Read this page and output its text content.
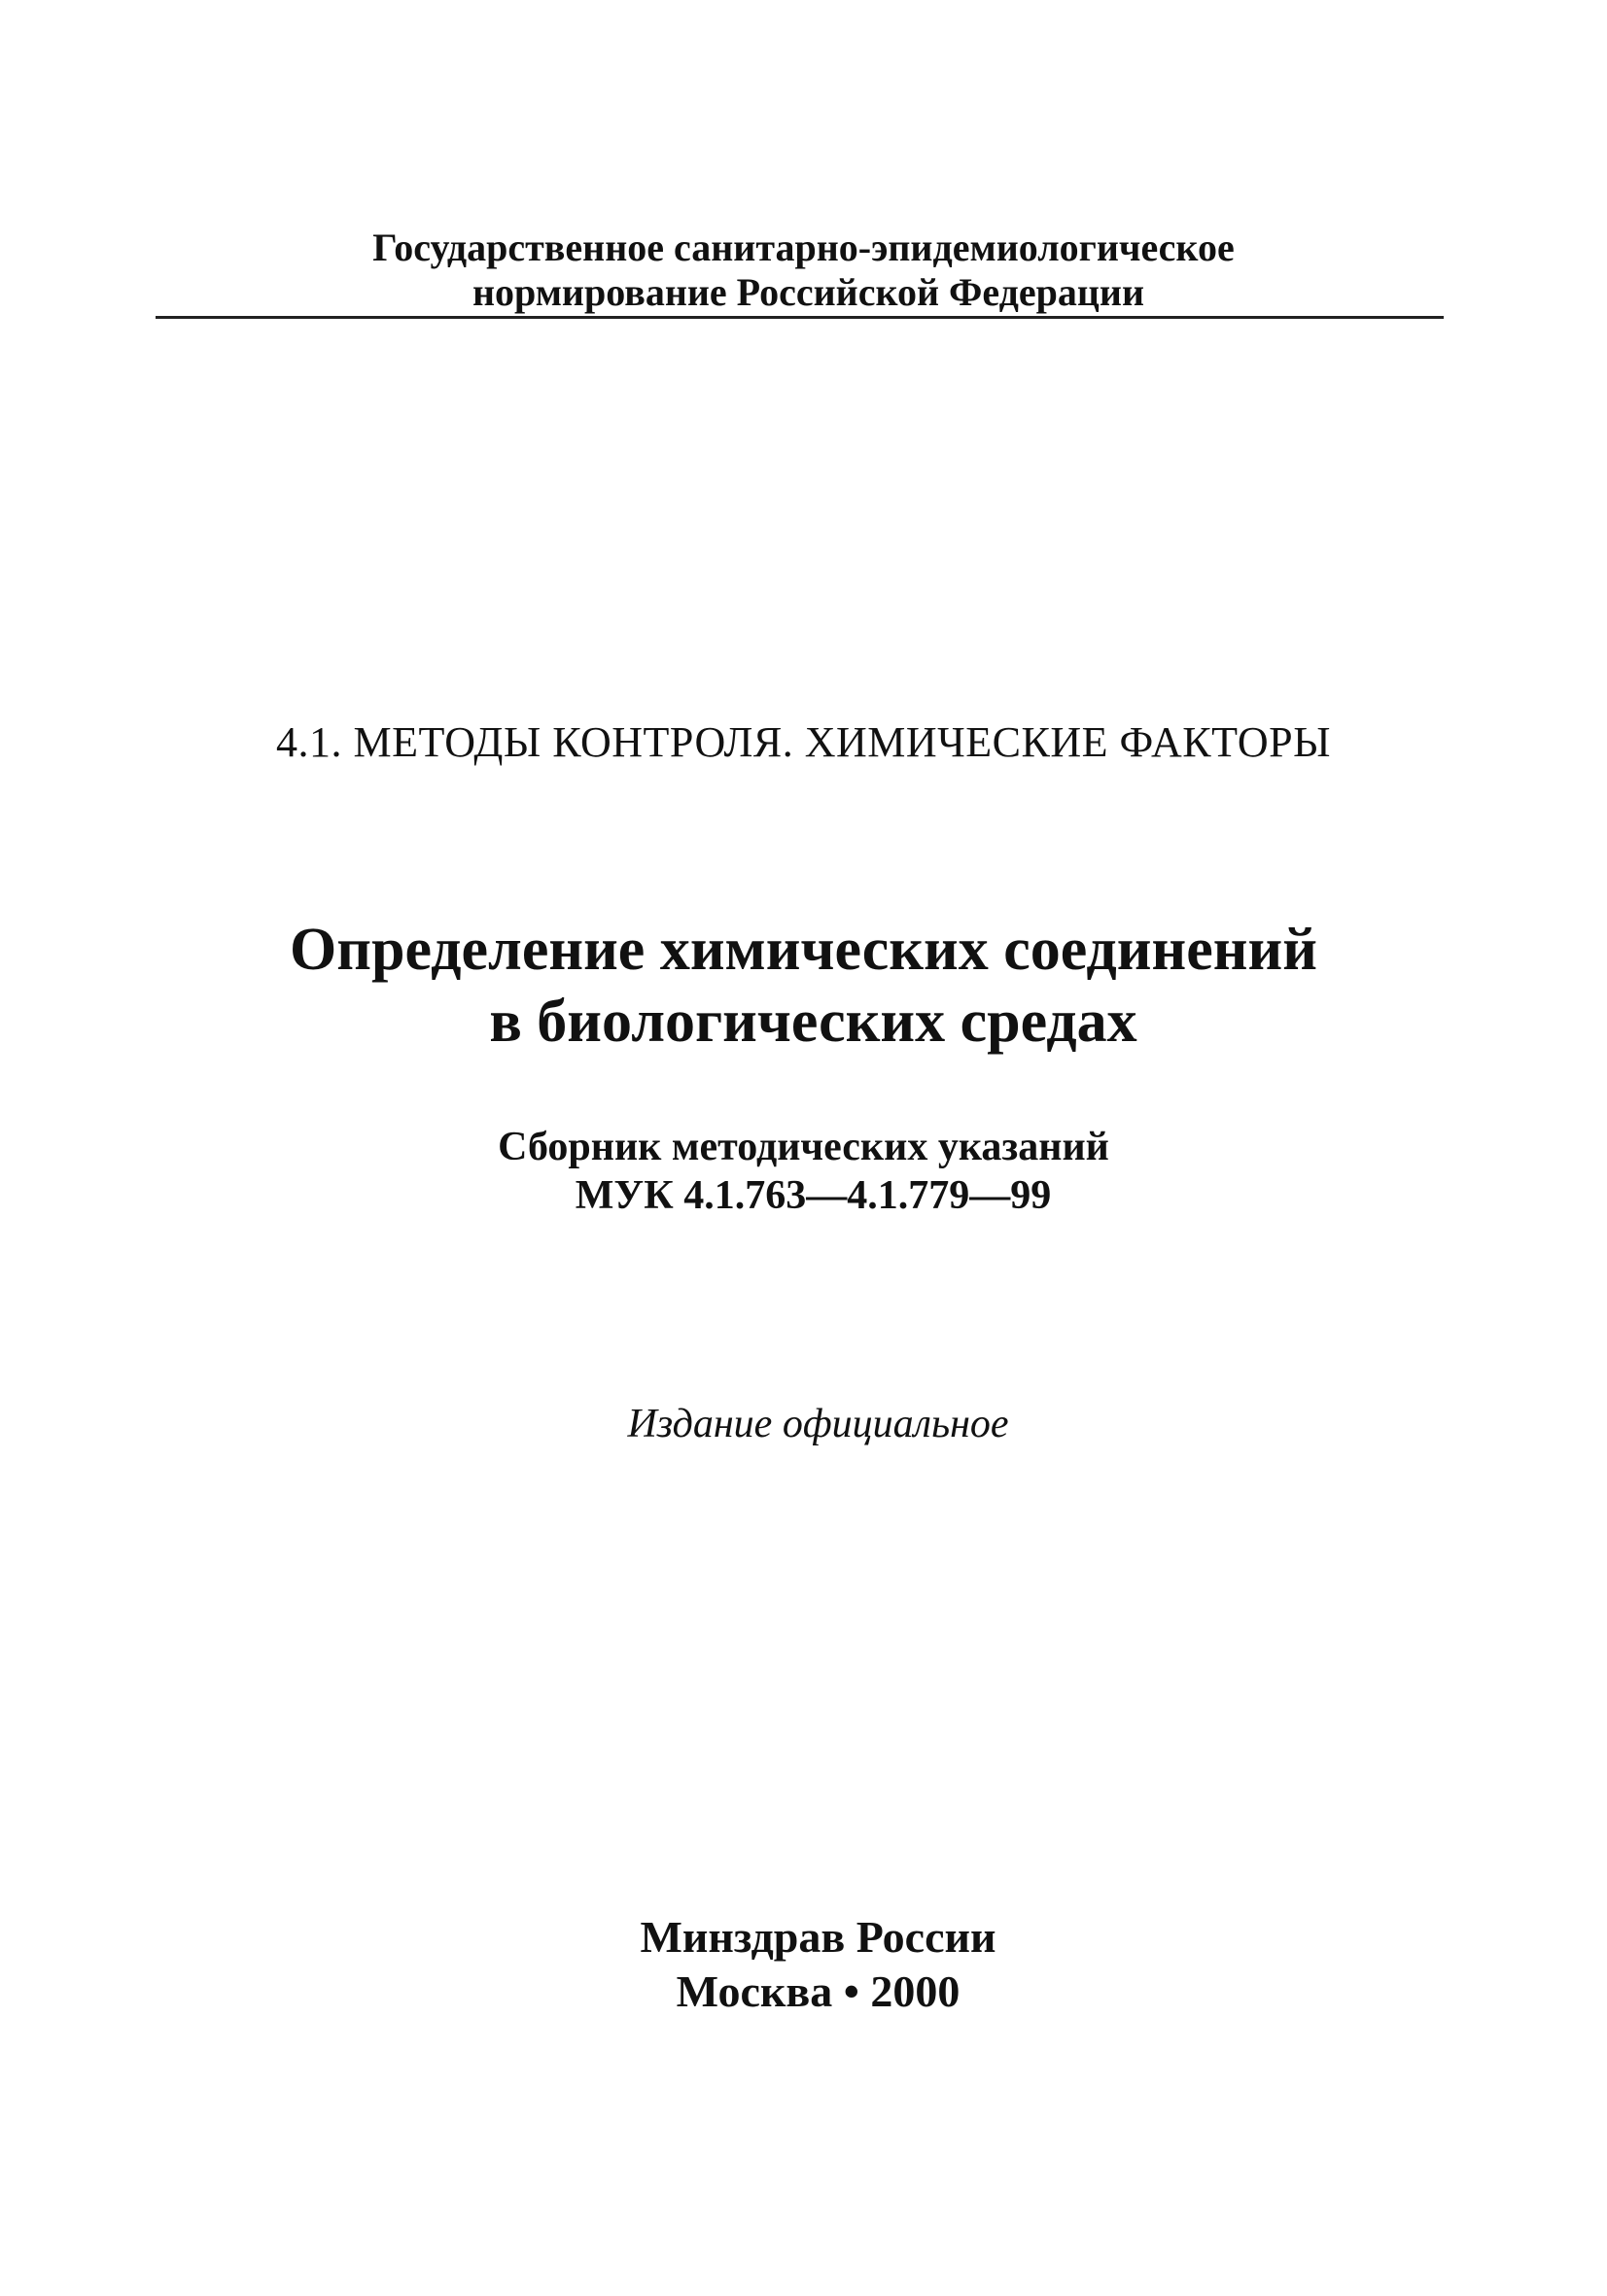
Государственное санитарно-эпидемиологическое
нормирование Российской Федерации
4.1. МЕТОДЫ КОНТРОЛЯ. ХИМИЧЕСКИЕ ФАКТОРЫ
Определение химических соединений
в биологических средах
Сборник методических указаний
МУК 4.1.763—4.1.779—99
Издание официальное
Минздрав России
Москва • 2000
